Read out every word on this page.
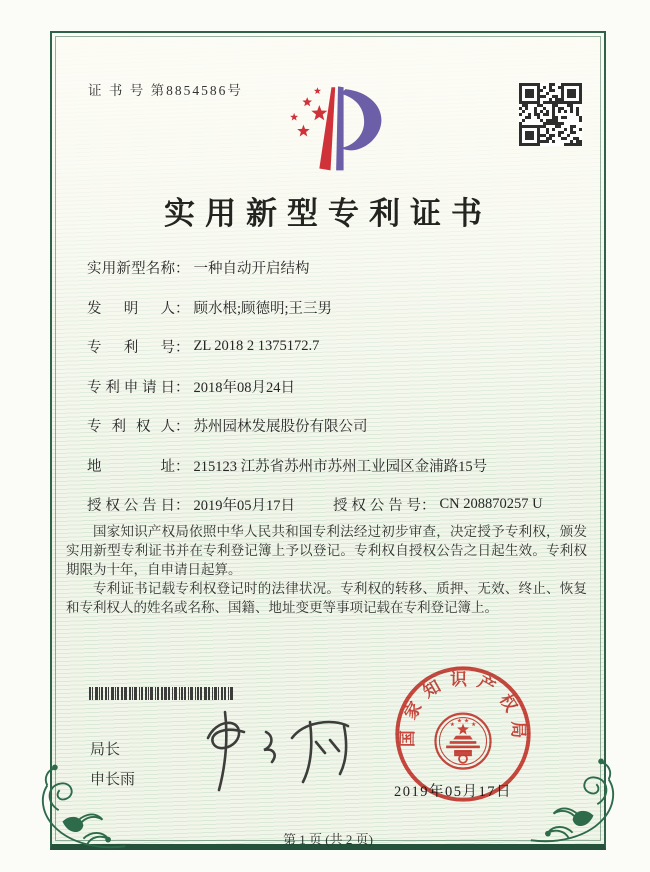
证 书 号 第8854586号
实用新型专利证书
实用新型名称 ： 一种自动开启结构
发明人 ： 顾水根;顾德明;王三男
专利号 ： ZL 2018 2 1375172.7
专利申请日 ： 2018年08月24日
专利权人 ： 苏州园林发展股份有限公司
地址 ： 215123 江苏省苏州市苏州工业园区金浦路15号
授权公告日 ： 2019年05月17日	授权公告号 ： CN 208870257 U

国家知识产权局依照中华人民共和国专利法经过初步审查，决定授予专利权，颁发实用新型专利证书并在专利登记簿上予以登记。专利权自授权公告之日起生效。专利权期限为十年，自申请日起算。

专利证书记载专利权登记时的法律状况。专利权的转移、质押、无效、终止、恢复和专利权人的姓名或名称、国籍、地址变更等事项记载在专利登记簿上。

局长
申长雨
2019年05月17日
国家知识产权局
第 1 页 (共 2 页)
